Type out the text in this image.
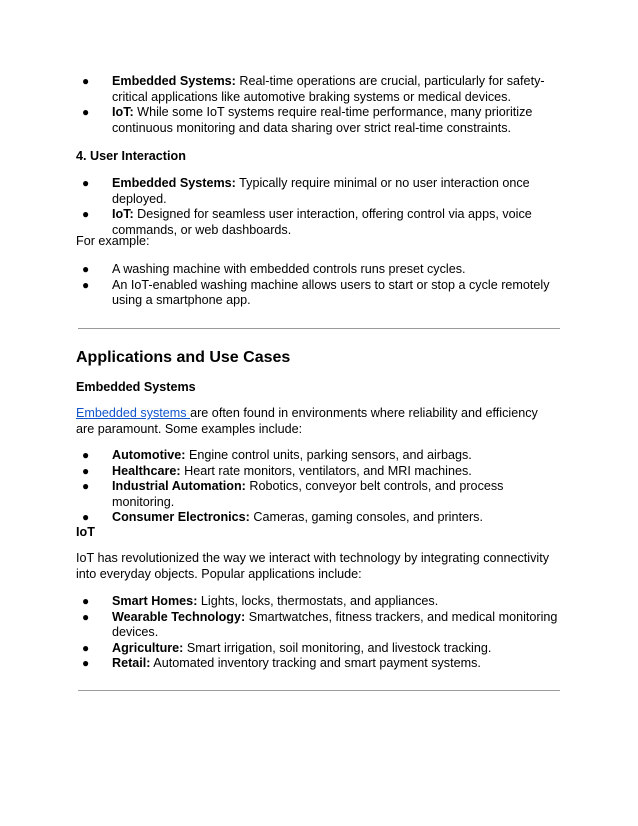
● Embedded Systems: Real-time operations are crucial, particularly for safety-critical applications like automotive braking systems or medical devices.
● IoT: While some IoT systems require real-time performance, many prioritize continuous monitoring and data sharing over strict real-time constraints.

4. User Interaction

● Embedded Systems: Typically require minimal or no user interaction once deployed.
● IoT: Designed for seamless user interaction, offering control via apps, voice commands, or web dashboards.

For example:

● A washing machine with embedded controls runs preset cycles.
● An IoT-enabled washing machine allows users to start or stop a cycle remotely using a smartphone app.

Applications and Use Cases

Embedded Systems

Embedded systems are often found in environments where reliability and efficiency are paramount. Some examples include:

● Automotive: Engine control units, parking sensors, and airbags.
● Healthcare: Heart rate monitors, ventilators, and MRI machines.
● Industrial Automation: Robotics, conveyor belt controls, and process monitoring.
● Consumer Electronics: Cameras, gaming consoles, and printers.

IoT

IoT has revolutionized the way we interact with technology by integrating connectivity into everyday objects. Popular applications include:

● Smart Homes: Lights, locks, thermostats, and appliances.
● Wearable Technology: Smartwatches, fitness trackers, and medical monitoring devices.
● Agriculture: Smart irrigation, soil monitoring, and livestock tracking.
● Retail: Automated inventory tracking and smart payment systems.
